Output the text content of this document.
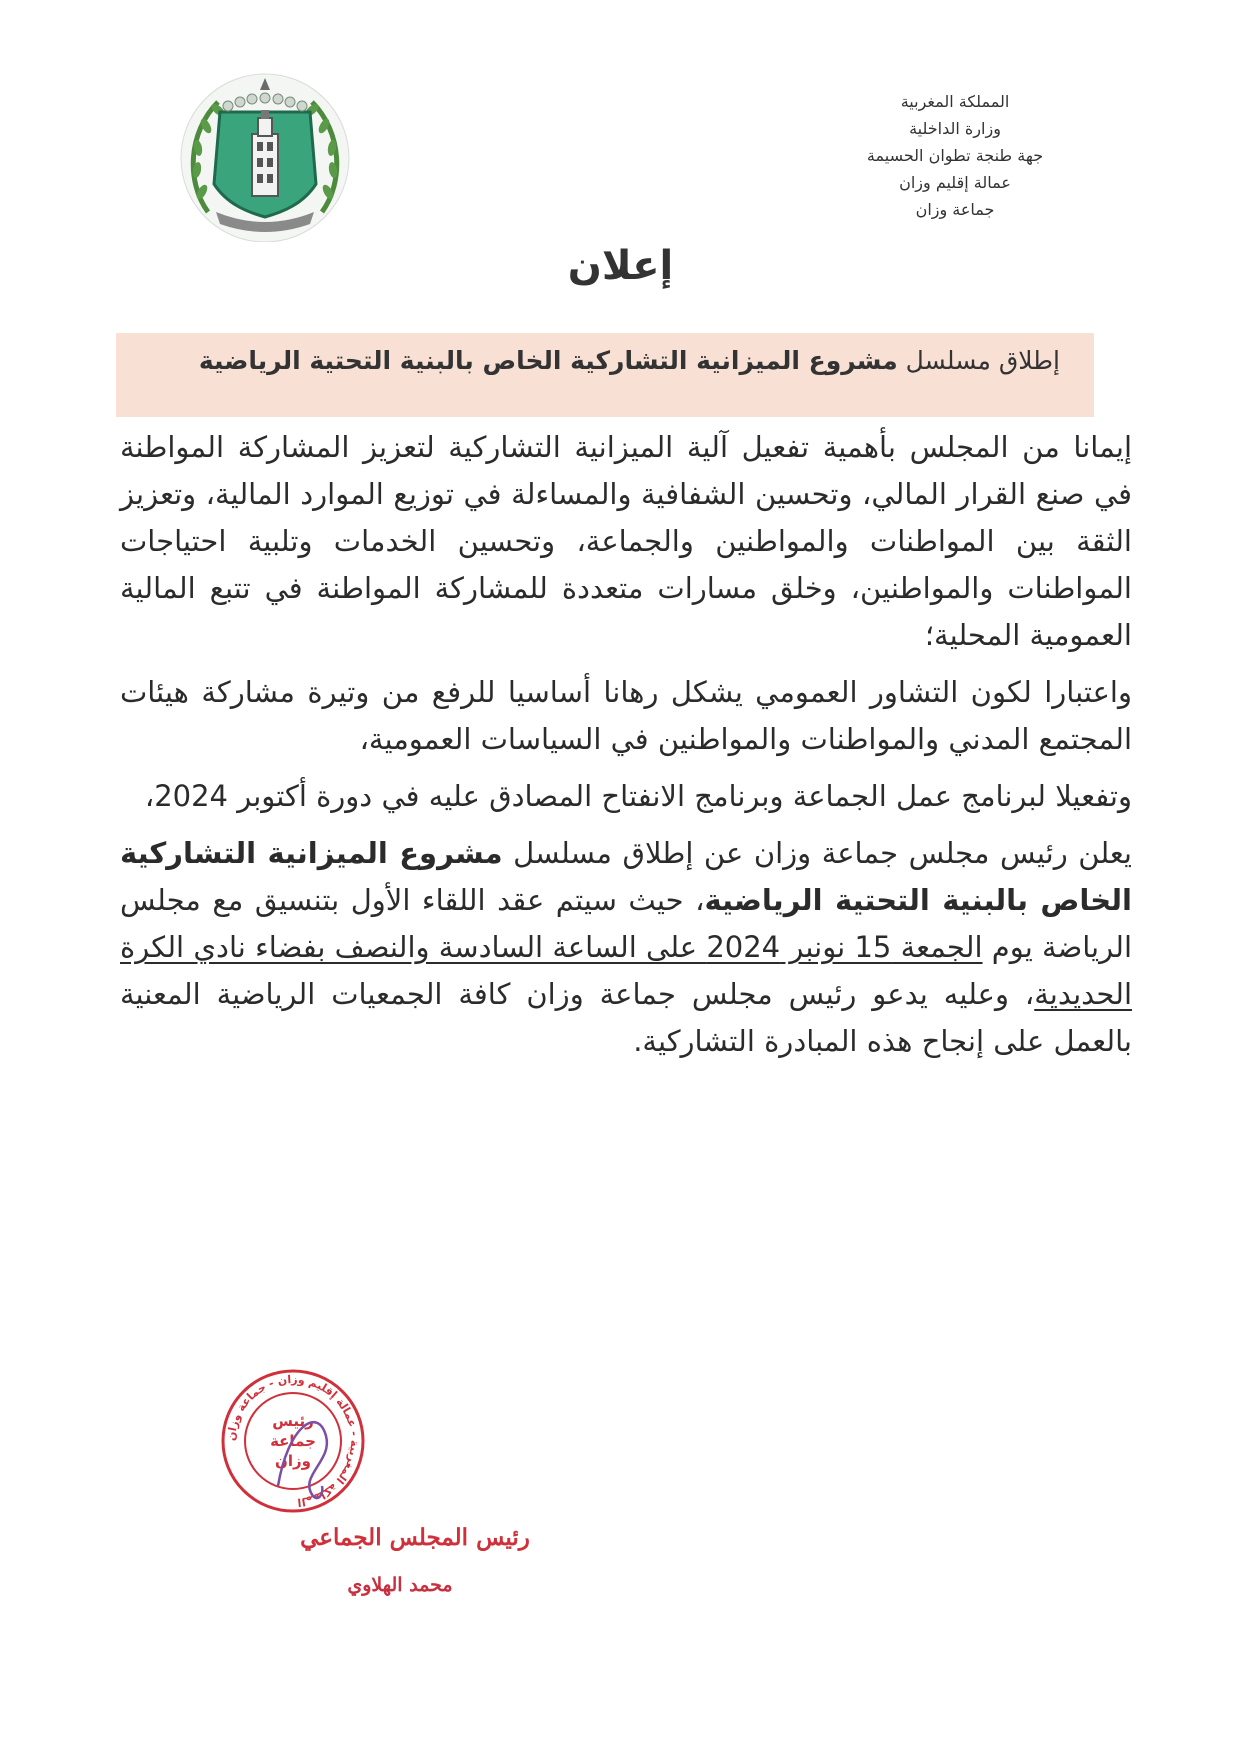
المملكة المغربية
وزارة الداخلية
جهة طنجة تطوان الحسيمة
عمالة إقليم وزان
جماعة وزان
إعلان
إطلاق مسلسل مشروع الميزانية التشاركية الخاص بالبنية التحتية الرياضية

إيمانا من المجلس بأهمية تفعيل آلية الميزانية التشاركية لتعزيز المشاركة المواطنة في صنع القرار المالي، وتحسين الشفافية والمساءلة في توزيع الموارد المالية، وتعزيز الثقة بين المواطنات والمواطنين والجماعة، وتحسين الخدمات وتلبية احتياجات المواطنات والمواطنين، وخلق مسارات متعددة للمشاركة المواطنة في تتبع المالية العمومية المحلية؛

واعتبارا لكون التشاور العمومي يشكل رهانا أساسيا للرفع من وتيرة مشاركة هيئات المجتمع المدني والمواطنات والمواطنين في السياسات العمومية،

وتفعيلا لبرنامج عمل الجماعة وبرنامج الانفتاح المصادق عليه في دورة أكتوبر 2024،

يعلن رئيس مجلس جماعة وزان عن إطلاق مسلسل مشروع الميزانية التشاركية الخاص بالبنية التحتية الرياضية، حيث سيتم عقد اللقاء الأول بتنسيق مع مجلس الرياضة يوم الجمعة 15 نونبر 2024 على الساعة السادسة والنصف بفضاء نادي الكرة الحديدية، وعليه يدعو رئيس مجلس جماعة وزان كافة الجمعيات الرياضية المعنية بالعمل على إنجاح هذه المبادرة التشاركية.

المملكة المغربية - عمالة إقليم وزان - جماعة وزان
رئيس
جماعة
وزان
رئيس المجلس الجماعي
محمد الهلاوي
